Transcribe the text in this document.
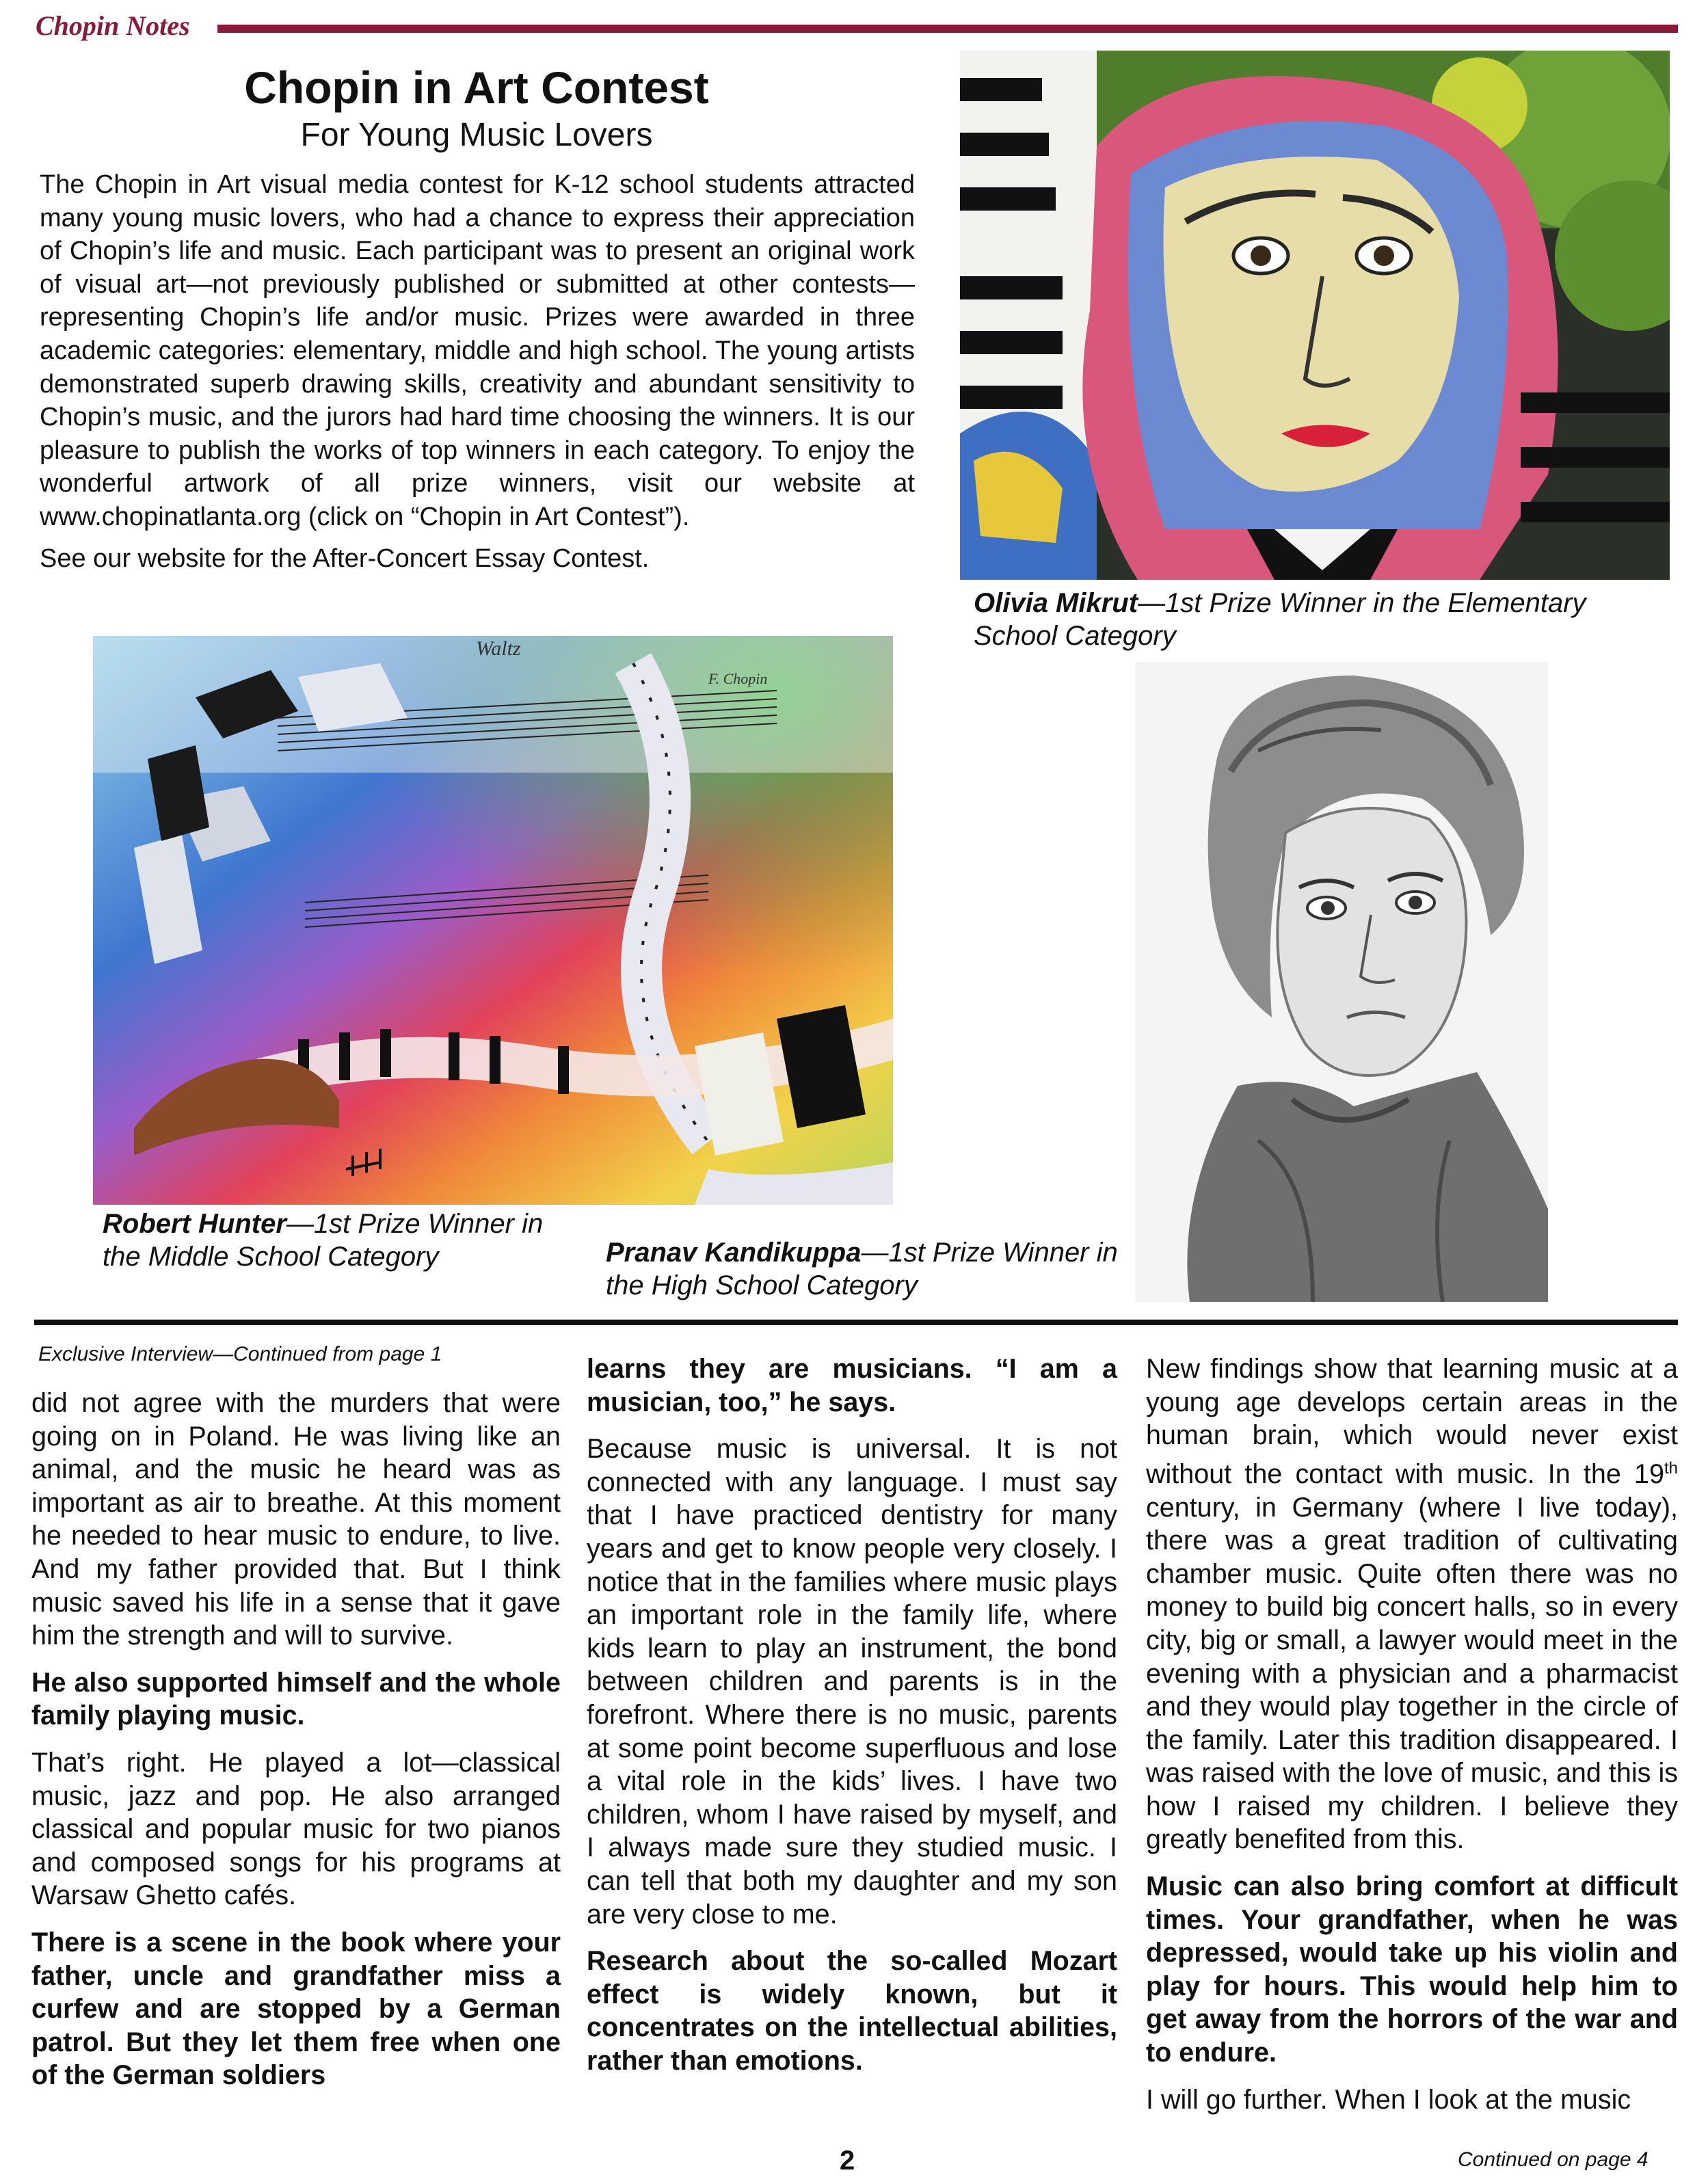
Chopin Notes
Chopin in Art Contest
For Young Music Lovers

The Chopin in Art visual media contest for K-12 school students attracted many young music lovers, who had a chance to express their appreciation of Chopin’s life and music. Each participant was to present an original work of visual art—not previously published or submitted at other contests—representing Chopin’s life and/or music. Prizes were awarded in three academic categories: elementary, middle and high school. The young artists demonstrated superb drawing skills, creativity and abundant sensitivity to Chopin’s music, and the jurors had hard time choosing the winners. It is our pleasure to publish the works of top winners in each category. To enjoy the wonderful artwork of all prize winners, visit our website at www.chopinatlanta.org (click on “Chopin in Art Contest”).

See our website for the After-Concert Essay Contest.

Olivia Mikrut—1st Prize Winner in the Elementary School Category
Waltz
F. Chopin
Robert Hunter—1st Prize Winner in the Middle School Category	Pranav Kandikuppa—1st Prize Winner in the High School Category
Exclusive Interview—Continued from page 1

did not agree with the murders that were going on in Poland. He was living like an animal, and the music he heard was as important as air to breathe. At this moment he needed to hear music to endure, to live. And my father provided that. But I think music saved his life in a sense that it gave him the strength and will to survive.

He also supported himself and the whole family playing music.

That’s right. He played a lot—classical music, jazz and pop. He also arranged classical and popular music for two pianos and composed songs for his programs at Warsaw Ghetto cafés.

There is a scene in the book where your father, uncle and grandfather miss a curfew and are stopped by a German patrol. But they let them free when one of the German soldiers

learns they are musicians. “I am a musician, too,” he says.

Because music is universal. It is not connected with any language. I must say that I have practiced dentistry for many years and get to know people very closely. I notice that in the families where music plays an important role in the family life, where kids learn to play an instrument, the bond between children and parents is in the forefront. Where there is no music, parents at some point become superfluous and lose a vital role in the kids’ lives. I have two children, whom I have raised by myself, and I always made sure they studied music. I can tell that both my daughter and my son are very close to me.

Research about the so-called Mozart effect is widely known, but it concentrates on the intellectual abilities, rather than emotions.

New findings show that learning music at a young age develops certain areas in the human brain, which would never exist without the contact with music. In the 19th century, in Germany (where I live today), there was a great tradition of cultivating chamber music. Quite often there was no money to build big concert halls, so in every city, big or small, a lawyer would meet in the evening with a physician and a pharmacist and they would play together in the circle of the family. Later this tradition disappeared. I was raised with the love of music, and this is how I raised my children. I believe they greatly benefited from this.

Music can also bring comfort at difficult times. Your grandfather, when he was depressed, would take up his violin and play for hours. This would help him to get away from the horrors of the war and to endure.

I will go further. When I look at the music

Continued on page 4
2
